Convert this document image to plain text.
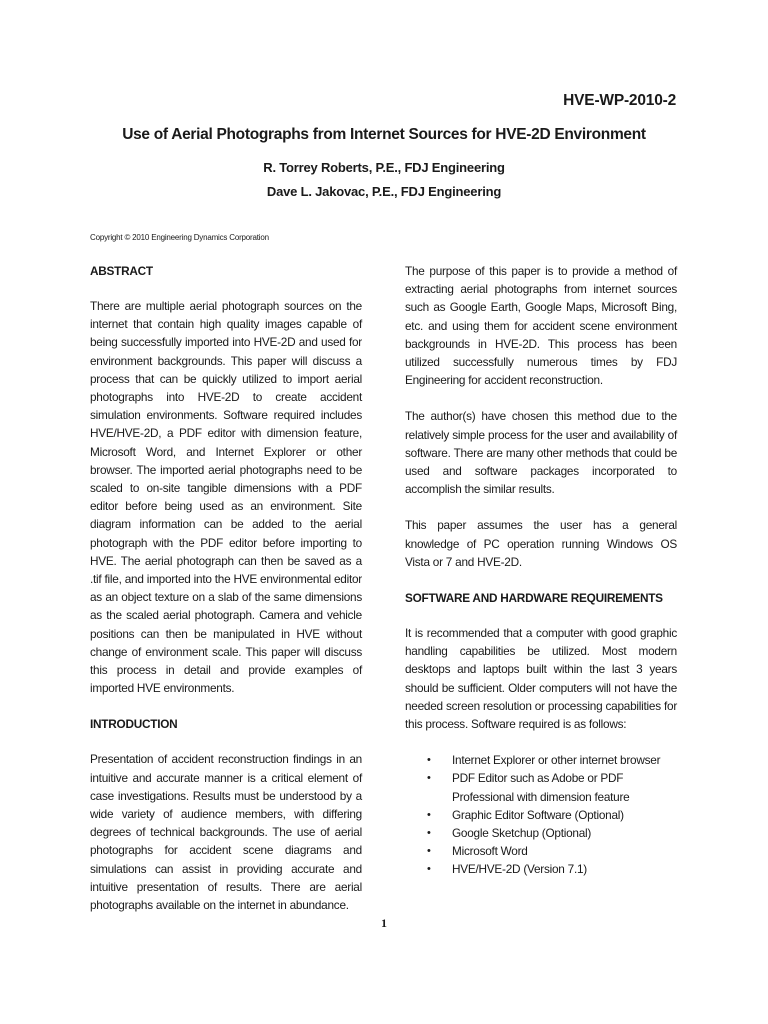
HVE-WP-2010-2
Use of Aerial Photographs from Internet Sources for HVE-2D Environment
R. Torrey Roberts, P.E., FDJ Engineering
Dave L. Jakovac, P.E., FDJ Engineering
Copyright © 2010 Engineering Dynamics Corporation
ABSTRACT

There are multiple aerial photograph sources on the internet that contain high quality images capable of being successfully imported into HVE-2D and used for environment backgrounds. This paper will discuss a process that can be quickly utilized to import aerial photographs into HVE-2D to create accident simulation environments. Software required includes HVE/HVE-2D, a PDF editor with dimension feature, Microsoft Word, and Internet Explorer or other browser. The imported aerial photographs need to be scaled to on-site tangible dimensions with a PDF editor before being used as an environment. Site diagram information can be added to the aerial photograph with the PDF editor before importing to HVE. The aerial photograph can then be saved as a .tif file, and imported into the HVE environmental editor as an object texture on a slab of the same dimensions as the scaled aerial photograph. Camera and vehicle positions can then be manipulated in HVE without change of environment scale. This paper will discuss this process in detail and provide examples of imported HVE environments.

INTRODUCTION

Presentation of accident reconstruction findings in an intuitive and accurate manner is a critical element of case investigations. Results must be understood by a wide variety of audience members, with differing degrees of technical backgrounds. The use of aerial photographs for accident scene diagrams and simulations can assist in providing accurate and intuitive presentation of results. There are aerial photographs available on the internet in abundance.

The purpose of this paper is to provide a method of extracting aerial photographs from internet sources such as Google Earth, Google Maps, Microsoft Bing, etc. and using them for accident scene environment backgrounds in HVE-2D. This process has been utilized successfully numerous times by FDJ Engineering for accident reconstruction.

The author(s) have chosen this method due to the relatively simple process for the user and availability of software. There are many other methods that could be used and software packages incorporated to accomplish the similar results.

This paper assumes the user has a general knowledge of PC operation running Windows OS Vista or 7 and HVE-2D.

SOFTWARE AND HARDWARE REQUIREMENTS

It is recommended that a computer with good graphic handling capabilities be utilized. Most modern desktops and laptops built within the last 3 years should be sufficient. Older computers will not have the needed screen resolution or processing capabilities for this process. Software required is as follows:

• Internet Explorer or other internet browser
• PDF Editor such as Adobe or PDF Professional with dimension feature
• Graphic Editor Software (Optional)
• Google Sketchup (Optional)
• Microsoft Word
• HVE/HVE-2D (Version 7.1)
1
